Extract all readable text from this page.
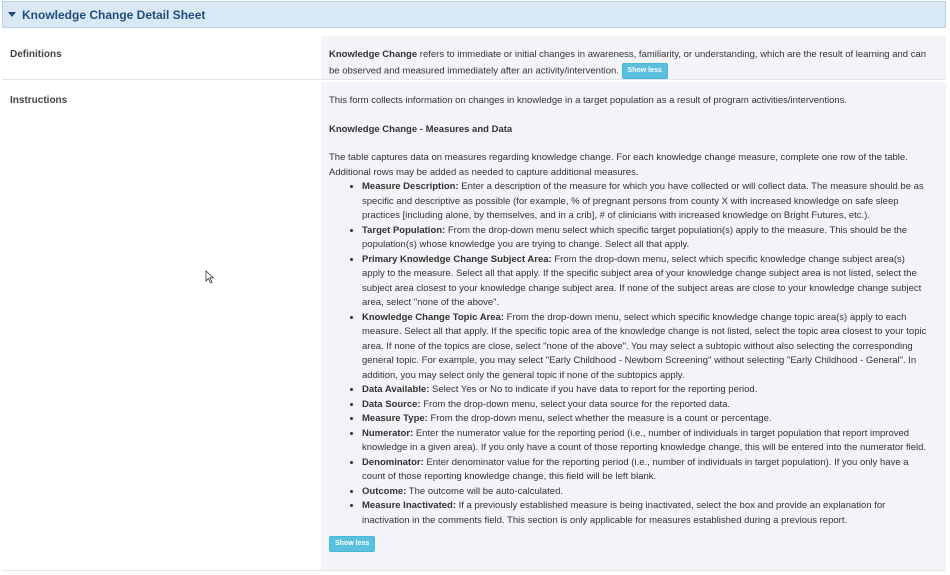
Knowledge Change Detail Sheet
Definitions	Knowledge Change refers to immediate or initial changes in awareness, familiarity, or understanding, which are the result of learning and can be observed and measured immediately after an activity/intervention. Show less

Instructions	This form collects information on changes in knowledge in a target population as a result of program activities/interventions.

Knowledge Change - Measures and Data

The table captures data on measures regarding knowledge change. For each knowledge change measure, complete one row of the table. Additional rows may be added as needed to capture additional measures.

• Measure Description: Enter a description of the measure for which you have collected or will collect data. The measure should be as specific and descriptive as possible (for example, % of pregnant persons from county X with increased knowledge on safe sleep practices [including alone, by themselves, and in a crib], # of clinicians with increased knowledge on Bright Futures, etc.).
• Target Population: From the drop-down menu select which specific target population(s) apply to the measure. This should be the population(s) whose knowledge you are trying to change. Select all that apply.
• Primary Knowledge Change Subject Area: From the drop-down menu, select which specific knowledge change subject area(s) apply to the measure. Select all that apply. If the specific subject area of your knowledge change subject area is not listed, select the subject area closest to your knowledge change subject area. If none of the subject areas are close to your knowledge change subject area, select "none of the above".
• Knowledge Change Topic Area: From the drop-down menu, select which specific knowledge change topic area(s) apply to each measure. Select all that apply. If the specific topic area of the knowledge change is not listed, select the topic area closest to your topic area. If none of the topics are close, select "none of the above". You may select a subtopic without also selecting the corresponding general topic. For example, you may select "Early Childhood - Newborn Screening" without selecting "Early Childhood - General". In addition, you may select only the general topic if none of the subtopics apply.
• Data Available: Select Yes or No to indicate if you have data to report for the reporting period.
• Data Source: From the drop-down menu, select your data source for the reported data.
• Measure Type: From the drop-down menu, select whether the measure is a count or percentage.
• Numerator: Enter the numerator value for the reporting period (i.e., number of individuals in target population that report improved knowledge in a given area). If you only have a count of those reporting knowledge change, this will be entered into the numerator field.
• Denominator: Enter denominator value for the reporting period (i.e., number of individuals in target population). If you only have a count of those reporting knowledge change, this field will be left blank.
• Outcome: The outcome will be auto-calculated.
• Measure Inactivated: If a previously established measure is being inactivated, select the box and provide an explanation for inactivation in the comments field. This section is only applicable for measures established during a previous report.
Show less
